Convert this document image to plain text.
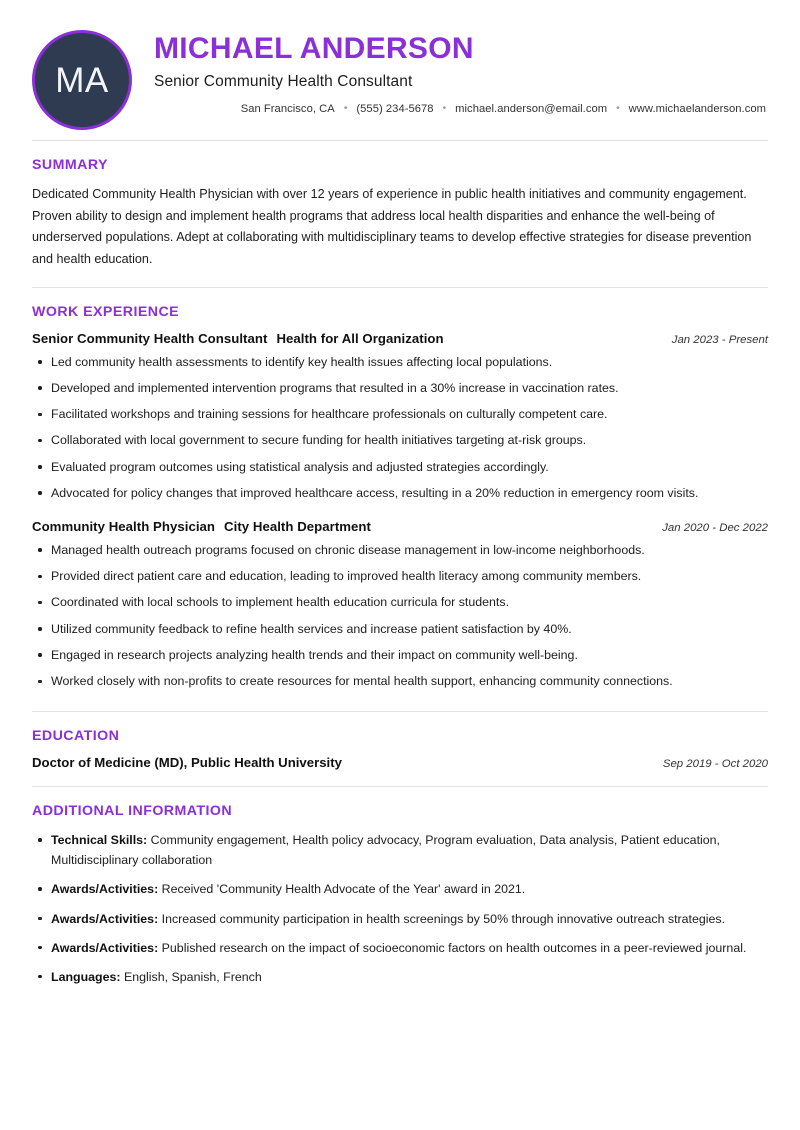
MA
MICHAEL ANDERSON
Senior Community Health Consultant
San Francisco, CA • (555) 234-5678 • michael.anderson@email.com • www.michaelanderson.com
SUMMARY

Dedicated Community Health Physician with over 12 years of experience in public health initiatives and community engagement. Proven ability to design and implement health programs that address local health disparities and enhance the well-being of underserved populations. Adept at collaborating with multidisciplinary teams to develop effective strategies for disease prevention and health education.

WORK EXPERIENCE
Senior Community Health Consultant Health for All Organization	Jan 2023 - Present
Led community health assessments to identify key health issues affecting local populations.
Developed and implemented intervention programs that resulted in a 30% increase in vaccination rates.
Facilitated workshops and training sessions for healthcare professionals on culturally competent care.
Collaborated with local government to secure funding for health initiatives targeting at-risk groups.
Evaluated program outcomes using statistical analysis and adjusted strategies accordingly.
Advocated for policy changes that improved healthcare access, resulting in a 20% reduction in emergency room visits.
Community Health Physician City Health Department	Jan 2020 - Dec 2022
Managed health outreach programs focused on chronic disease management in low-income neighborhoods.
Provided direct patient care and education, leading to improved health literacy among community members.
Coordinated with local schools to implement health education curricula for students.
Utilized community feedback to refine health services and increase patient satisfaction by 40%.
Engaged in research projects analyzing health trends and their impact on community well-being.
Worked closely with non-profits to create resources for mental health support, enhancing community connections.
EDUCATION
Doctor of Medicine (MD), Public Health University	Sep 2019 - Oct 2020
ADDITIONAL INFORMATION
Technical Skills: Community engagement, Health policy advocacy, Program evaluation, Data analysis, Patient education, Multidisciplinary collaboration
Awards/Activities: Received 'Community Health Advocate of the Year' award in 2021.
Awards/Activities: Increased community participation in health screenings by 50% through innovative outreach strategies.
Awards/Activities: Published research on the impact of socioeconomic factors on health outcomes in a peer-reviewed journal.
Languages: English, Spanish, French
